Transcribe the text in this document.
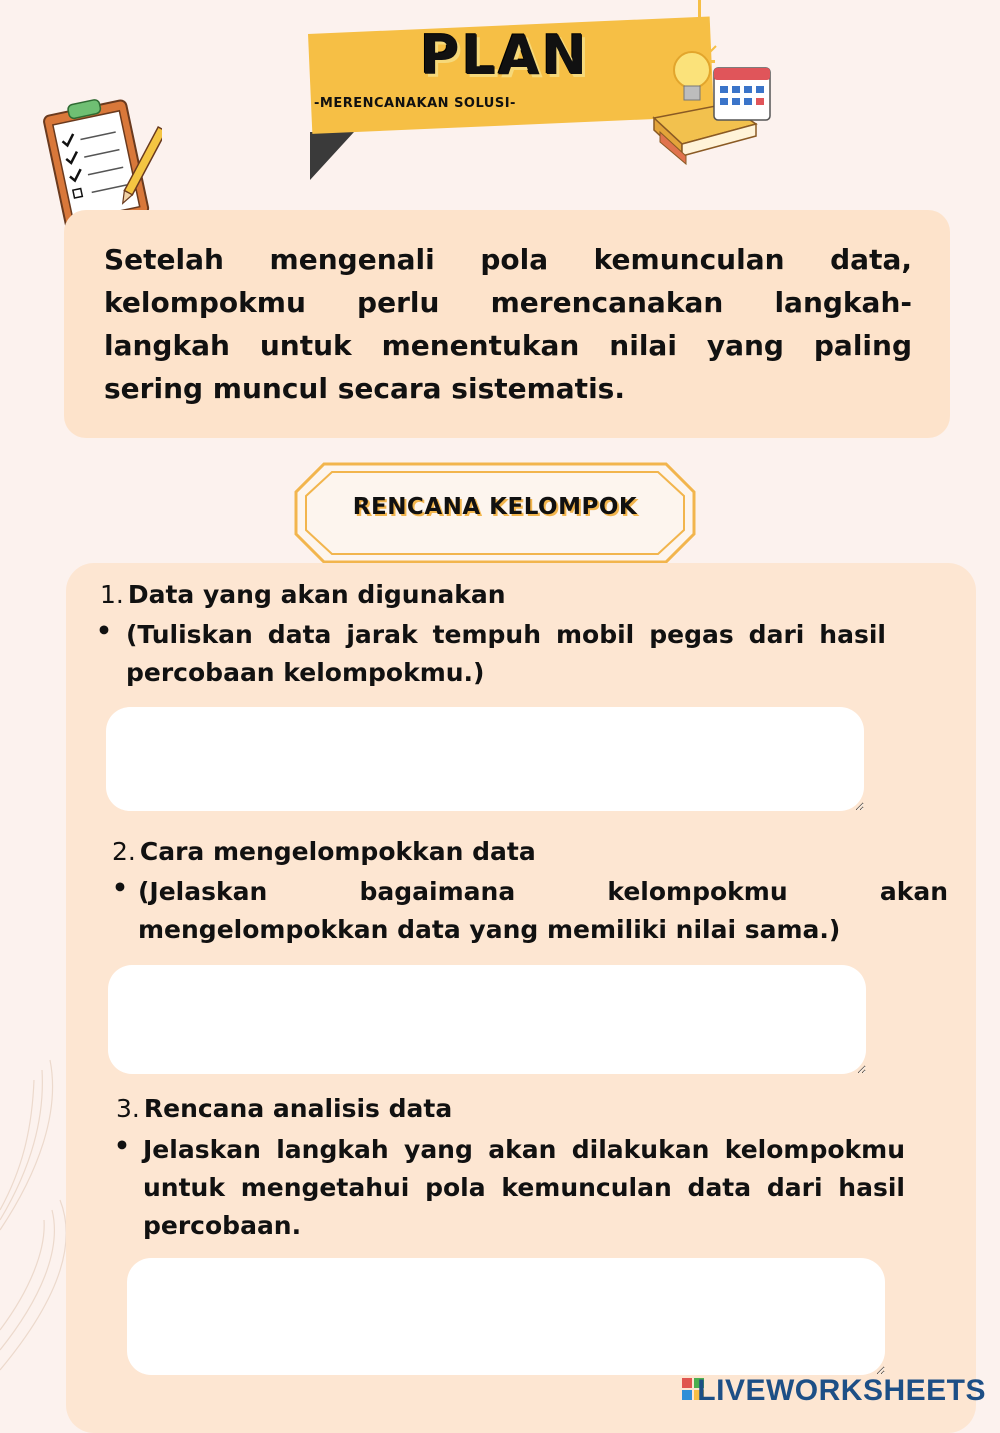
PLAN
-MERENCANAKAN SOLUSI-
Setelah mengenali pola kemunculan data, kelompokmu perlu merencanakan langkah-langkah untuk menentukan nilai yang paling sering muncul secara sistematis.
RENCANA KELOMPOK
1. Data yang akan digunakan
• (Tuliskan data jarak tempuh mobil pegas dari hasil percobaan kelompokmu.)
2. Cara mengelompokkan data
• (Jelaskan bagaimana kelompokmu akan mengelompokkan data yang memiliki nilai sama.)
3. Rencana analisis data
• Jelaskan langkah yang akan dilakukan kelompokmu untuk mengetahui pola kemunculan data dari hasil percobaan.
LIVEWORKSHEETS
